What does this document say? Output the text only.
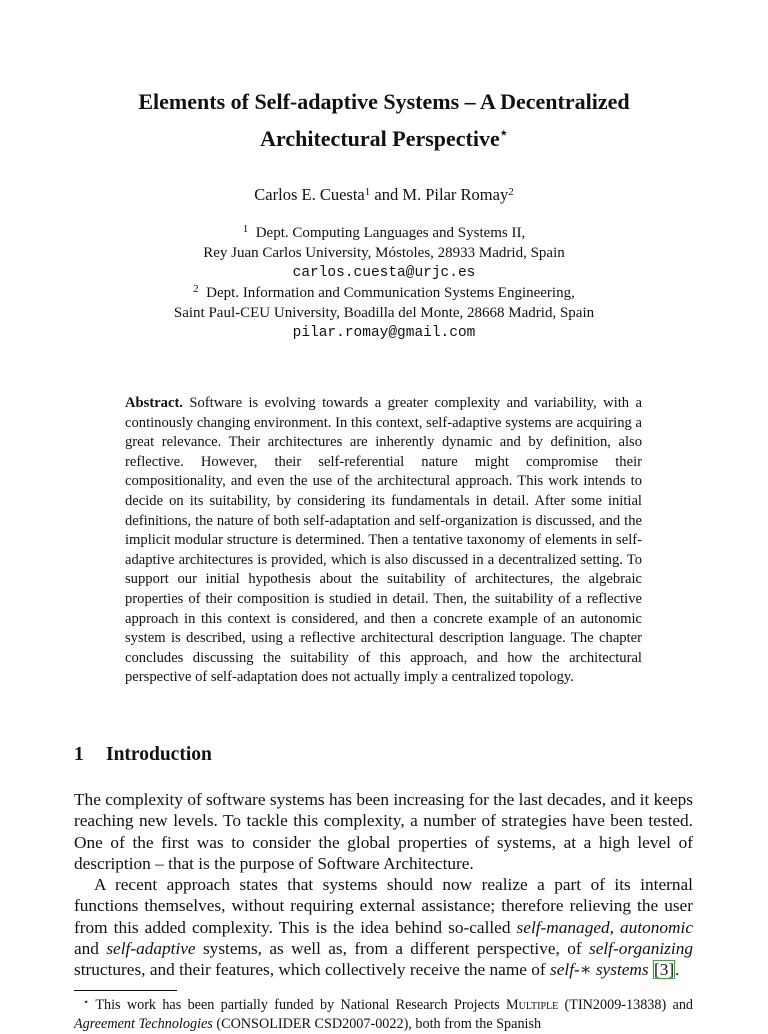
Elements of Self-adaptive Systems – A Decentralized
Architectural Perspective⋆
Carlos E. Cuesta$^1$ and M. Pilar Romay$^2$
$^1$ Dept. Computing Languages and Systems II,
Rey Juan Carlos University, Móstoles, 28933 Madrid, Spain
carlos.cuesta@urjc.es
$^2$ Dept. Information and Communication Systems Engineering,
Saint Paul-CEU University, Boadilla del Monte, 28668 Madrid, Spain
pilar.romay@gmail.com
Abstract. Software is evolving towards a greater complexity and variability, with a continously changing environment. In this context, self-adaptive systems are acquiring a great relevance. Their architectures are inherently dynamic and by definition, also reflective. However, their self-referential nature might compromise their compositionality, and even the use of the architectural approach. This work intends to decide on its suitability, by considering its fundamentals in detail. After some initial definitions, the nature of both self-adaptation and self-organization is discussed, and the implicit modular structure is determined. Then a tentative taxonomy of elements in self-adaptive architectures is provided, which is also discussed in a decentralized setting. To support our initial hypothesis about the suitability of architectures, the algebraic properties of their composition is studied in detail. Then, the suitability of a reflective approach in this context is considered, and then a concrete example of an autonomic system is described, using a reflective architectural description language. The chapter concludes discussing the suitability of this approach, and how the architectural perspective of self-adaptation does not actually imply a centralized topology.
1 Introduction
The complexity of software systems has been increasing for the last decades, and it keeps reaching new levels. To tackle this complexity, a number of strategies have been tested. One of the first was to consider the global properties of systems, at a high level of description – that is the purpose of Software Architecture.
A recent approach states that systems should now realize a part of its internal functions themselves, without requiring external assistance; therefore relieving the user from this added complexity. This is the idea behind so-called self-managed, autonomic and self-adaptive systems, as well as, from a different perspective, of self-organizing structures, and their features, which collectively receive the name of self-∗ systems [3].
⋆ This work has been partially funded by National Research Projects Multiple (TIN2009-13838) and Agreement Technologies (CONSOLIDER CSD2007-0022), both from the Spanish
